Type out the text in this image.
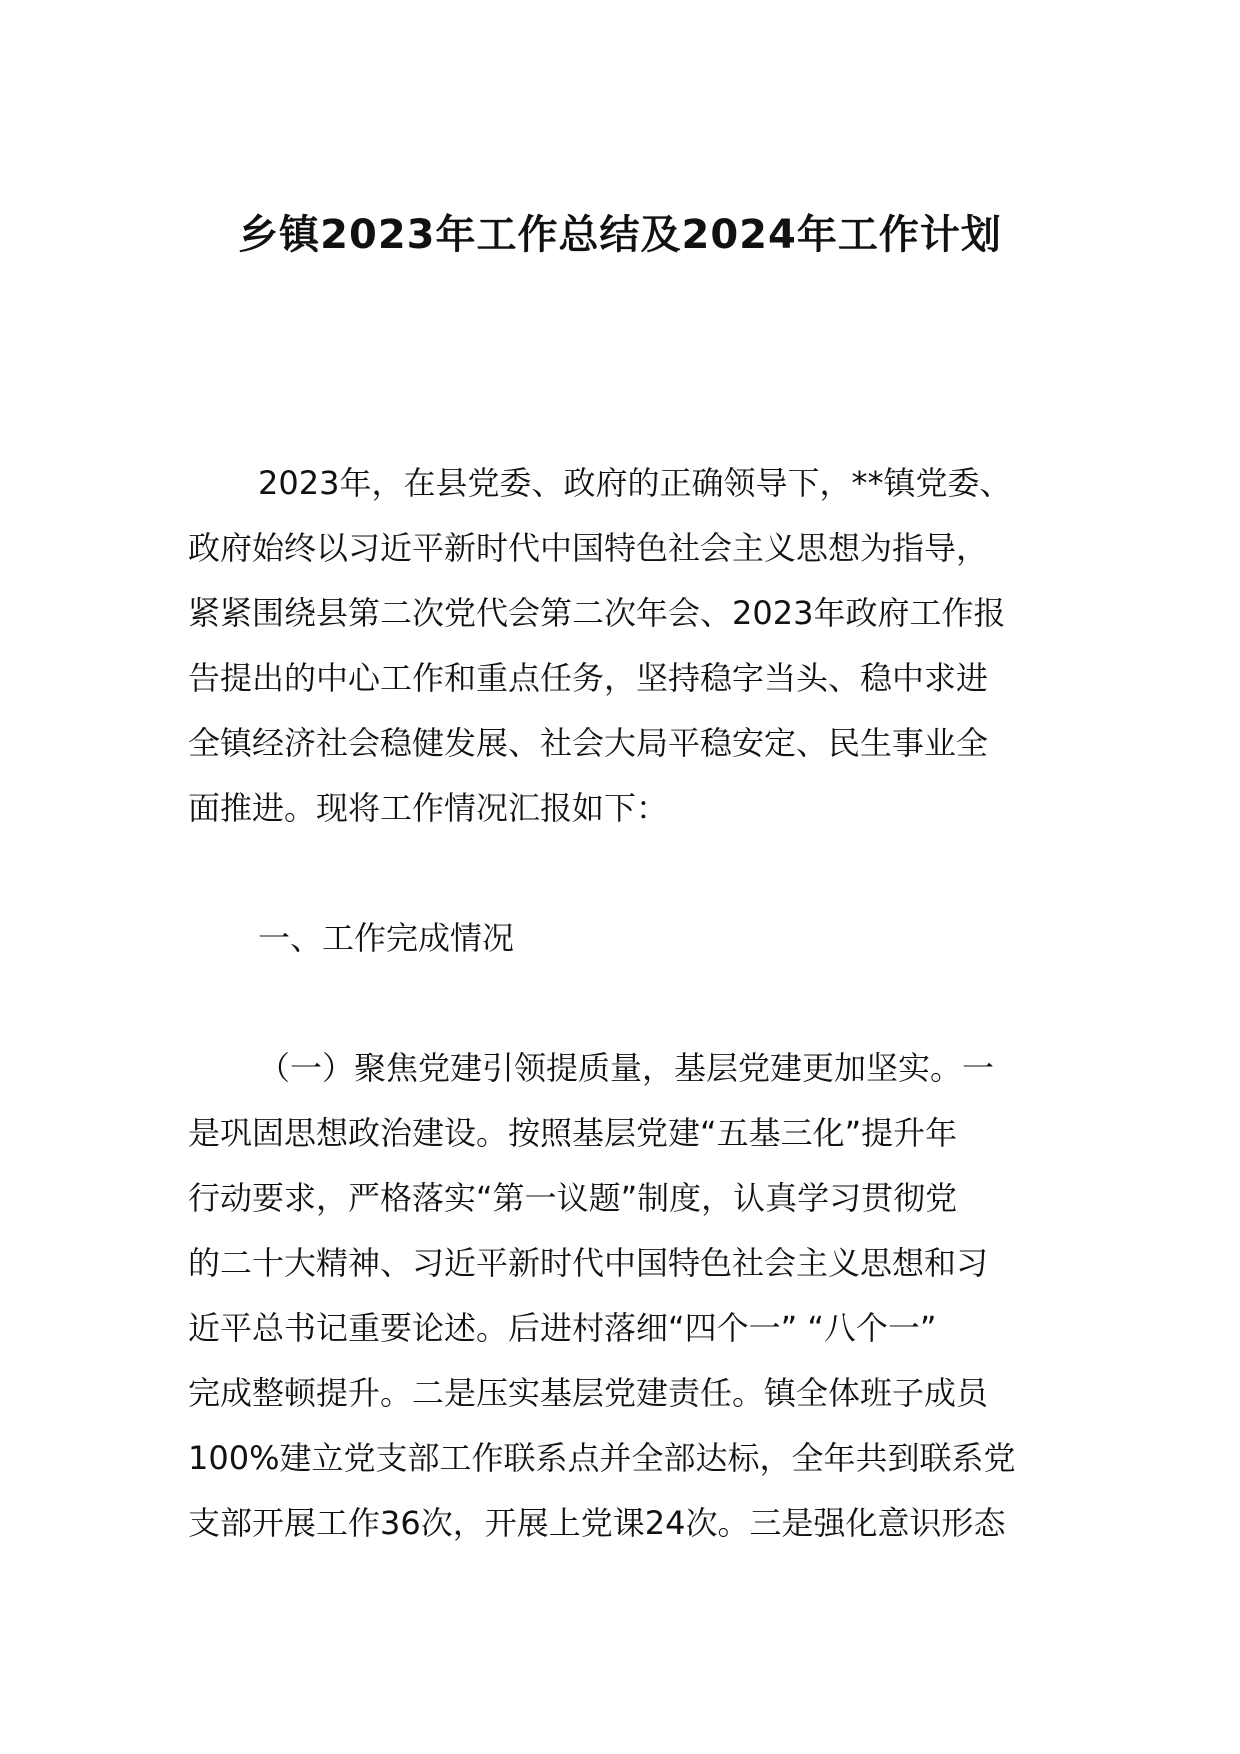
乡镇2023年工作总结及2024年工作计划
2023年，在县党委、政府的正确领导下，**镇党委、
政府始终以习近平新时代中国特色社会主义思想为指导，
紧紧围绕县第二次党代会第二次年会、2023年政府工作报
告提出的中心工作和重点任务，坚持稳字当头、稳中求进
全镇经济社会稳健发展、社会大局平稳安定、民生事业全
面推进。现将工作情况汇报如下：
一、工作完成情况
（一）聚焦党建引领提质量，基层党建更加坚实。一
是巩固思想政治建设。按照基层党建“五基三化”提升年
行动要求，严格落实“第一议题”制度，认真学习贯彻党
的二十大精神、习近平新时代中国特色社会主义思想和习
近平总书记重要论述。后进村落细“四个一” “八个一”
完成整顿提升。二是压实基层党建责任。镇全体班子成员
100%建立党支部工作联系点并全部达标，全年共到联系党
支部开展工作36次，开展上党课24次。三是强化意识形态
